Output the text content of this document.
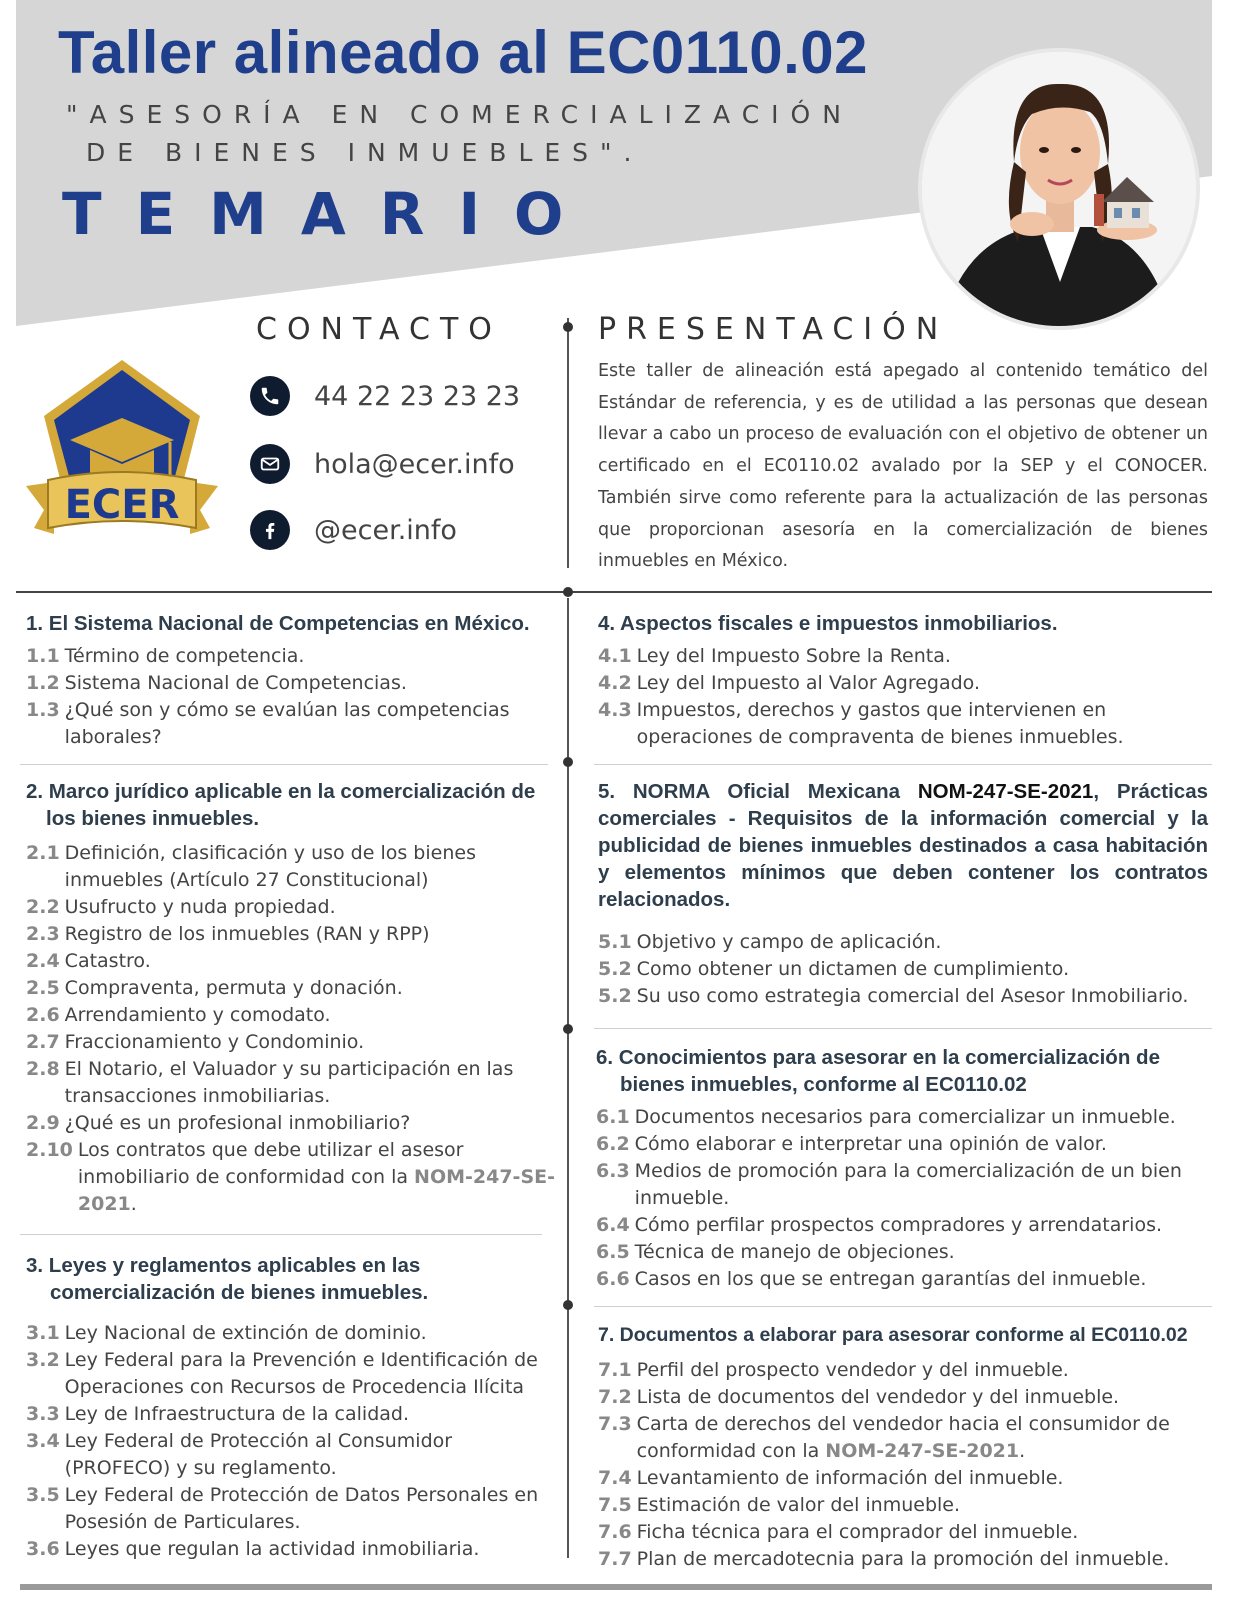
Taller alineado al EC0110.02
"ASESORÍA EN COMERCIALIZACIÓN
DE BIENES INMUEBLES".
TEMARIO
CONTACTO
ECER
44 22 23 23 23
hola@ecer.info
@ecer.info
PRESENTACIÓN

Este taller de alineación está apegado al contenido temático del Estándar de referencia, y es de utilidad a las personas que desean llevar a cabo un proceso de evaluación con el objetivo de obtener un certificado en el EC0110.02 avalado por la SEP y el CONOCER. También sirve como referente para la actualización de las personas que proporcionan asesoría en la comercialización de bienes inmuebles en México.

1. El Sistema Nacional de Competencias en México.

1.1 Término de competencia.
1.2 Sistema Nacional de Competencias.
1.3 ¿Qué son y cómo se evalúan las competencias laborales?

2. Marco jurídico aplicable en la comercialización de los bienes inmuebles.

2.1 Definición, clasificación y uso de los bienes inmuebles (Artículo 27 Constitucional)
2.2 Usufructo y nuda propiedad.
2.3 Registro de los inmuebles (RAN y RPP)
2.4 Catastro.
2.5 Compraventa, permuta y donación.
2.6 Arrendamiento y comodato.
2.7 Fraccionamiento y Condominio.
2.8 El Notario, el Valuador y su participación en las transacciones inmobiliarias.
2.9 ¿Qué es un profesional inmobiliario?
2.10 Los contratos que debe utilizar el asesor inmobiliario de conformidad con la NOM-247-SE-2021.

3. Leyes y reglamentos aplicables en las comercialización de bienes inmuebles.

3.1 Ley Nacional de extinción de dominio.
3.2 Ley Federal para la Prevención e Identificación de Operaciones con Recursos de Procedencia Ilícita
3.3 Ley de Infraestructura de la calidad.
3.4 Ley Federal de Protección al Consumidor (PROFECO) y su reglamento.
3.5 Ley Federal de Protección de Datos Personales en Posesión de Particulares.
3.6 Leyes que regulan la actividad inmobiliaria.

4. Aspectos fiscales e impuestos inmobiliarios.

4.1 Ley del Impuesto Sobre la Renta.
4.2 Ley del Impuesto al Valor Agregado.
4.3 Impuestos, derechos y gastos que intervienen en operaciones de compraventa de bienes inmuebles.

5. NORMA Oficial Mexicana NOM-247-SE-2021, Prácticas comerciales - Requisitos de la información comercial y la publicidad de bienes inmuebles destinados a casa habitación y elementos mínimos que deben contener los contratos relacionados.

5.1 Objetivo y campo de aplicación.
5.2 Como obtener un dictamen de cumplimiento.
5.2 Su uso como estrategia comercial del Asesor Inmobiliario.

6. Conocimientos para asesorar en la comercialización de bienes inmuebles, conforme al EC0110.02

6.1 Documentos necesarios para comercializar un inmueble.
6.2 Cómo elaborar e interpretar una opinión de valor.
6.3 Medios de promoción para la comercialización de un bien inmueble.
6.4 Cómo perfilar prospectos compradores y arrendatarios.
6.5 Técnica de manejo de objeciones.
6.6 Casos en los que se entregan garantías del inmueble.

7. Documentos a elaborar para asesorar conforme al EC0110.02

7.1 Perfil del prospecto vendedor y del inmueble.
7.2 Lista de documentos del vendedor y del inmueble.
7.3 Carta de derechos del vendedor hacia el consumidor de conformidad con la NOM-247-SE-2021.
7.4 Levantamiento de información del inmueble.
7.5 Estimación de valor del inmueble.
7.6 Ficha técnica para el comprador del inmueble.
7.7 Plan de mercadotecnia para la promoción del inmueble.
